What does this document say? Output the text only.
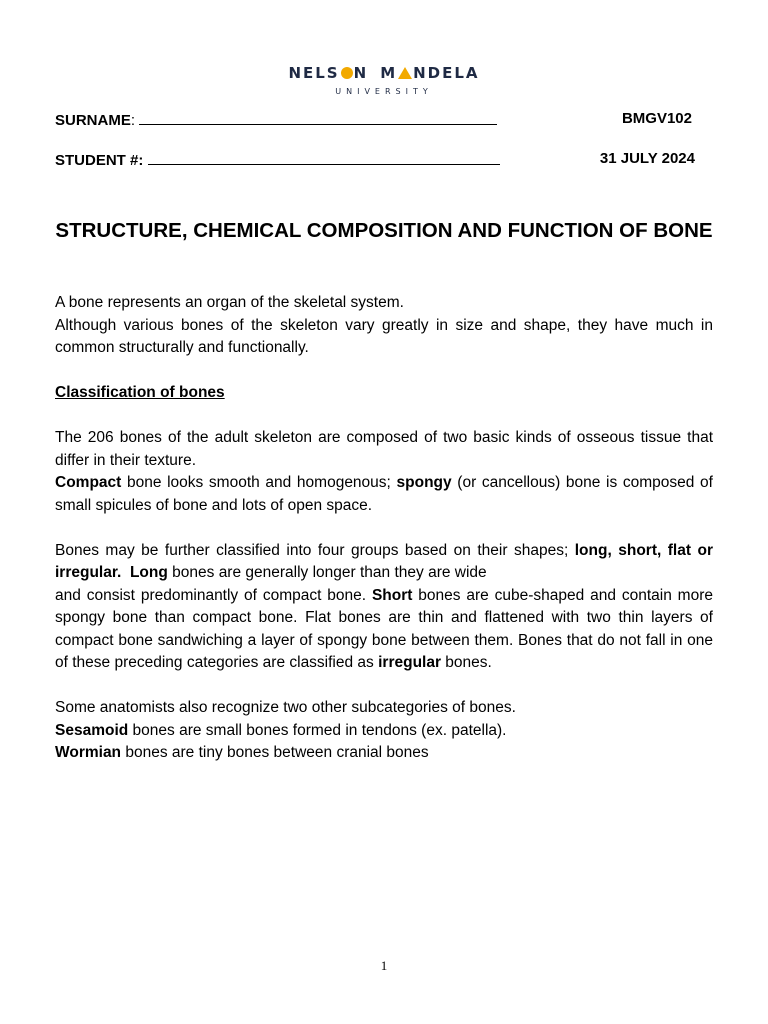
NELS N M NDELA
UNIVERSITY
SURNAME:	BMGV102
STUDENT #:	31 JULY 2024
STRUCTURE, CHEMICAL COMPOSITION AND FUNCTION OF BONE

A bone represents an organ of the skeletal system.

Although various bones of the skeleton vary greatly in size and shape, they have much in common structurally and functionally.

Classification of bones

The 206 bones of the adult skeleton are composed of two basic kinds of osseous tissue that differ in their texture.

Compact bone looks smooth and homogenous; spongy (or cancellous) bone is composed of small spicules of bone and lots of open space.

Bones may be further classified into four groups based on their shapes; long, short, flat or irregular. Long bones are generally longer than they are wide

and consist predominantly of compact bone. Short bones are cube-shaped and contain more spongy bone than compact bone. Flat bones are thin and flattened with two thin layers of compact bone sandwiching a layer of spongy bone between them. Bones that do not fall in one of these preceding categories are classified as irregular bones.

Some anatomists also recognize two other subcategories of bones.

Sesamoid bones are small bones formed in tendons (ex. patella).

Wormian bones are tiny bones between cranial bones

1
